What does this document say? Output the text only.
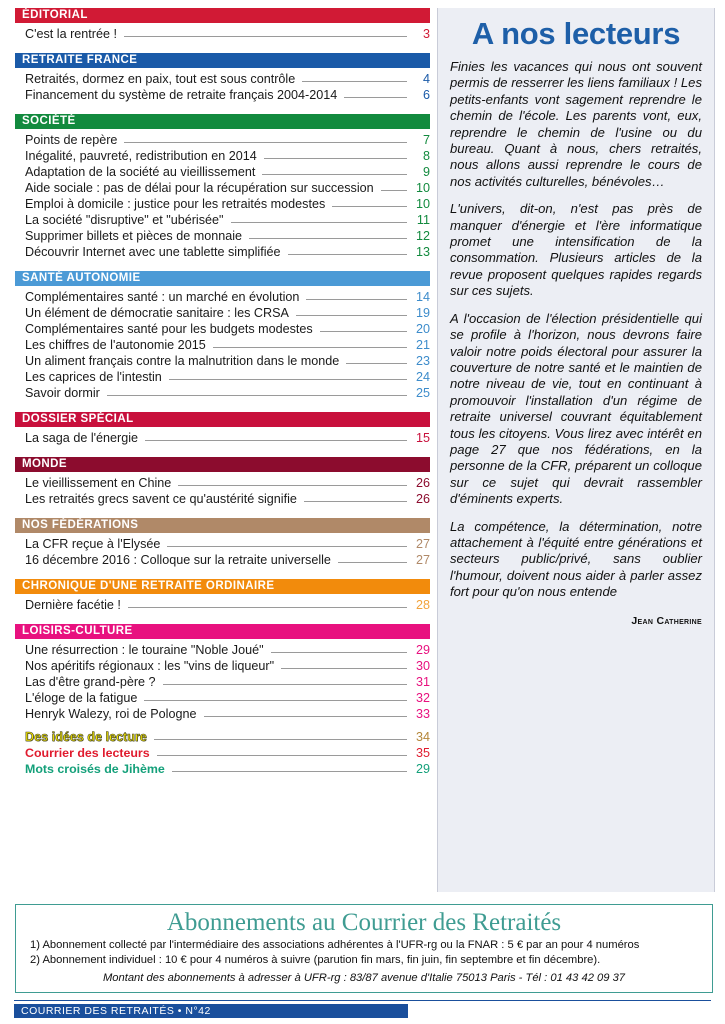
ÉDITORIAL
C'est la rentrée !	3
RETRAITE FRANCE
Retraités, dormez en paix, tout est sous contrôle	4
Financement du système de retraite français 2004-2014	6
SOCIÉTÉ
Points de repère	7
Inégalité, pauvreté, redistribution en 2014	8
Adaptation de la société au vieillissement	9
Aide sociale : pas de délai pour la récupération sur succession	10
Emploi à domicile : justice pour les retraités modestes	10
La société "disruptive" et "ubérisée"	11
Supprimer billets et pièces de monnaie	12
Découvrir Internet avec une tablette simplifiée	13
SANTÉ AUTONOMIE
Complémentaires santé : un marché en évolution	14
Un élément de démocratie sanitaire : les CRSA	19
Complémentaires santé pour les budgets modestes	20
Les chiffres de l'autonomie 2015	21
Un aliment français contre la malnutrition dans le monde	23
Les caprices de l'intestin	24
Savoir dormir	25
DOSSIER SPÉCIAL
La saga de l'énergie	15
MONDE
Le vieillissement en Chine	26
Les retraités grecs savent ce qu'austérité signifie	26
NOS FÉDÉRATIONS
La CFR reçue à l'Elysée	27
16 décembre 2016 : Colloque sur la retraite universelle	27
CHRONIQUE D'UNE RETRAITE ORDINAIRE
Dernière facétie !	28
LOISIRS-CULTURE
Une résurrection : le touraine "Noble Joué"	29
Nos apéritifs régionaux : les "vins de liqueur"	30
Las d'être grand-père ?	31
L'éloge de la fatigue	32
Henryk Walezy, roi de Pologne	33
Des idées de lecture	34
Courrier des lecteurs	35
Mots croisés de Jihème	29
A nos lecteurs

Finies les vacances qui nous ont souvent permis de resserrer les liens familiaux ! Les petits-enfants vont sagement reprendre le chemin de l'école. Les parents vont, eux, reprendre le chemin de l'usine ou du bureau. Quant à nous, chers retraités, nous allons aussi reprendre le cours de nos activités culturelles, bénévoles…

L'univers, dit-on, n'est pas près de manquer d'énergie et l'ère informatique promet une intensification de la consommation. Plusieurs articles de la revue proposent quelques rapides regards sur ces sujets.

A l'occasion de l'élection présidentielle qui se profile à l'horizon, nous devrons faire valoir notre poids électoral pour assurer la couverture de notre santé et le maintien de notre niveau de vie, tout en continuant à promouvoir l'installation d'un régime de retraite universel couvrant équitablement tous les citoyens. Vous lirez avec intérêt en page 27 que nos fédérations, en la personne de la CFR, préparent un colloque sur ce sujet qui devrait rassembler d'éminents experts.

La compétence, la détermination, notre attachement à l'équité entre générations et secteurs public/privé, sans oublier l'humour, doivent nous aider à parler assez fort pour qu'on nous entende

Jean Catherine
Abonnements au Courrier des Retraités
1) Abonnement collecté par l'intermédiaire des associations adhérentes à l'UFR-rg ou la FNAR : 5 € par an pour 4 numéros
2) Abonnement individuel : 10 € pour 4 numéros à suivre (parution fin mars, fin juin, fin septembre et fin décembre).
Montant des abonnements à adresser à UFR-rg : 83/87 avenue d'Italie 75013 Paris - Tél : 01 43 42 09 37
COURRIER DES RETRAITÉS • N°42
